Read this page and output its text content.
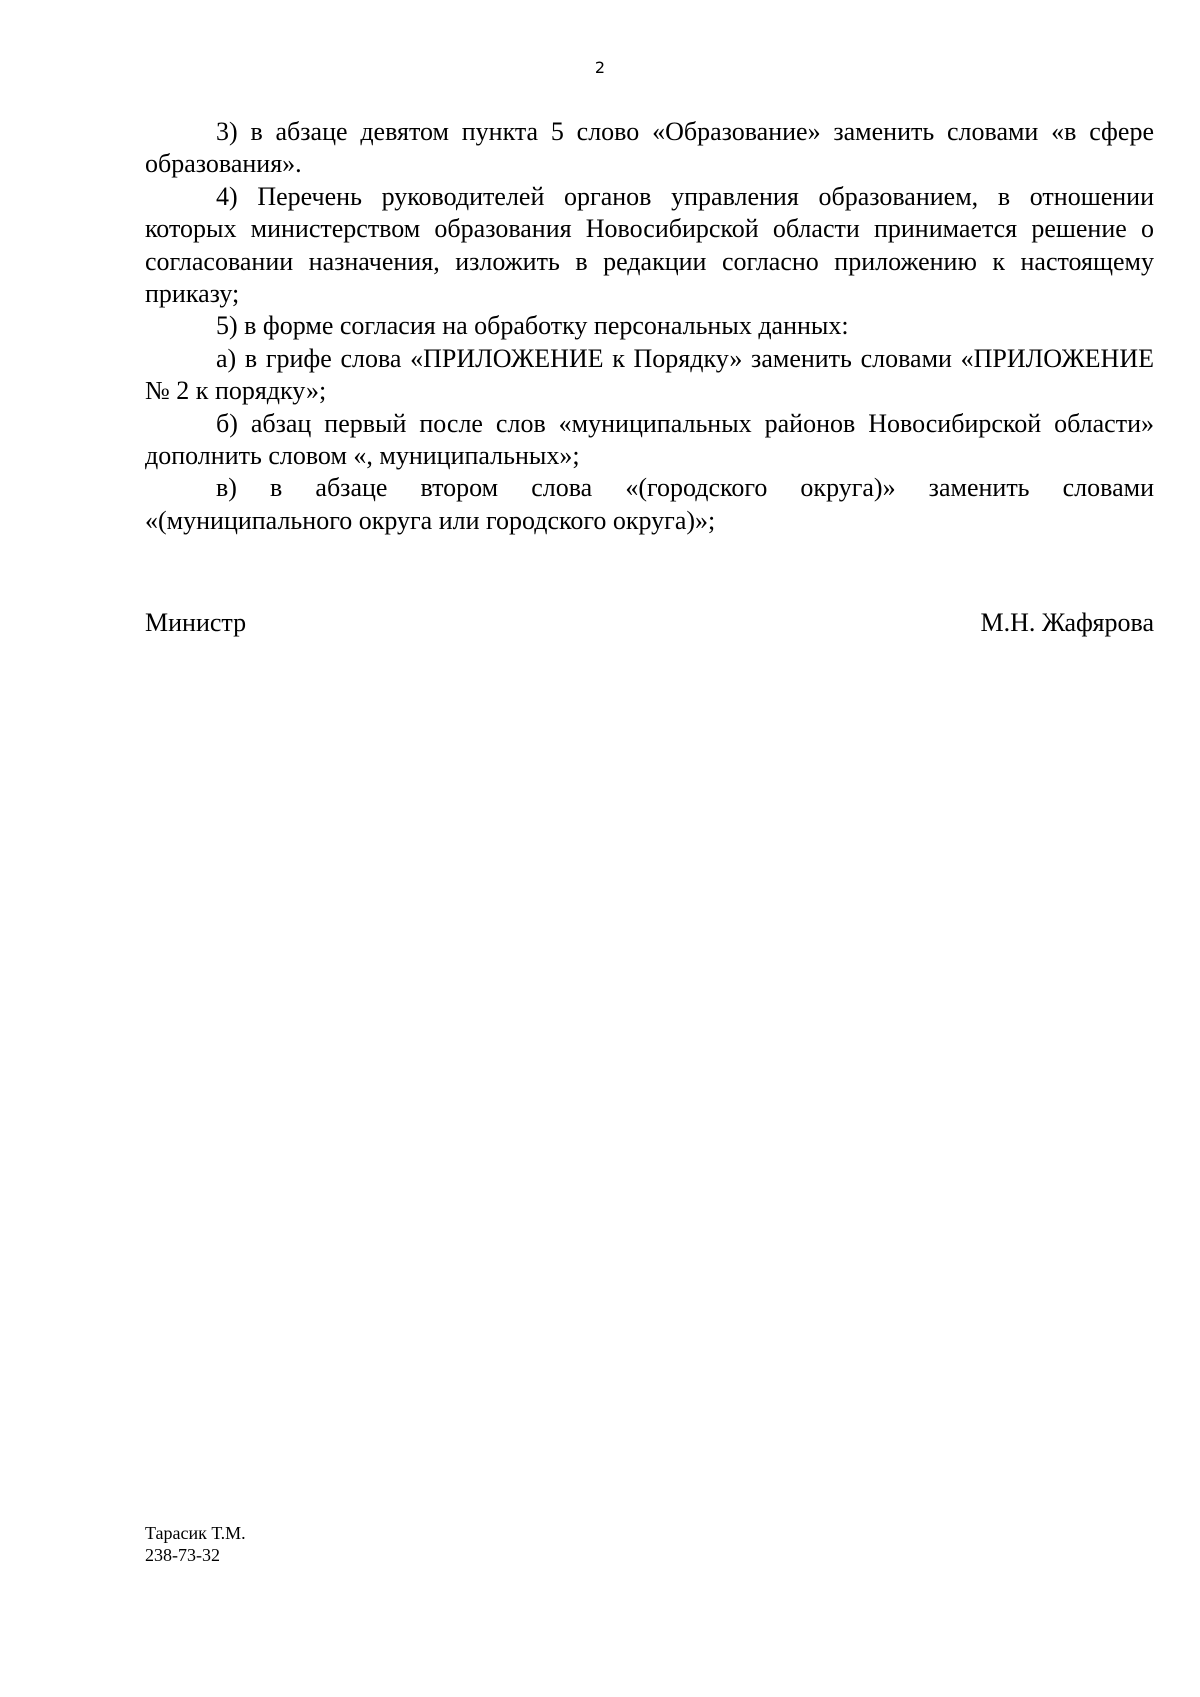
2

3) в абзаце девятом пункта 5 слово «Образование» заменить словами «в сфере образования».

4) Перечень руководителей органов управления образованием, в отношении которых министерством образования Новосибирской области принимается решение о согласовании назначения, изложить в редакции согласно приложению к настоящему приказу;

5) в форме согласия на обработку персональных данных:

а) в грифе слова «ПРИЛОЖЕНИЕ к Порядку» заменить словами «ПРИЛОЖЕНИЕ № 2 к порядку»;

б) абзац первый после слов «муниципальных районов Новосибирской области» дополнить словом «, муниципальных»;

в) в абзаце втором слова «(городского округа)» заменить словами «(муниципального округа или городского округа)»;

Министр	М.Н. Жафярова
Тарасик Т.М.
238-73-32
